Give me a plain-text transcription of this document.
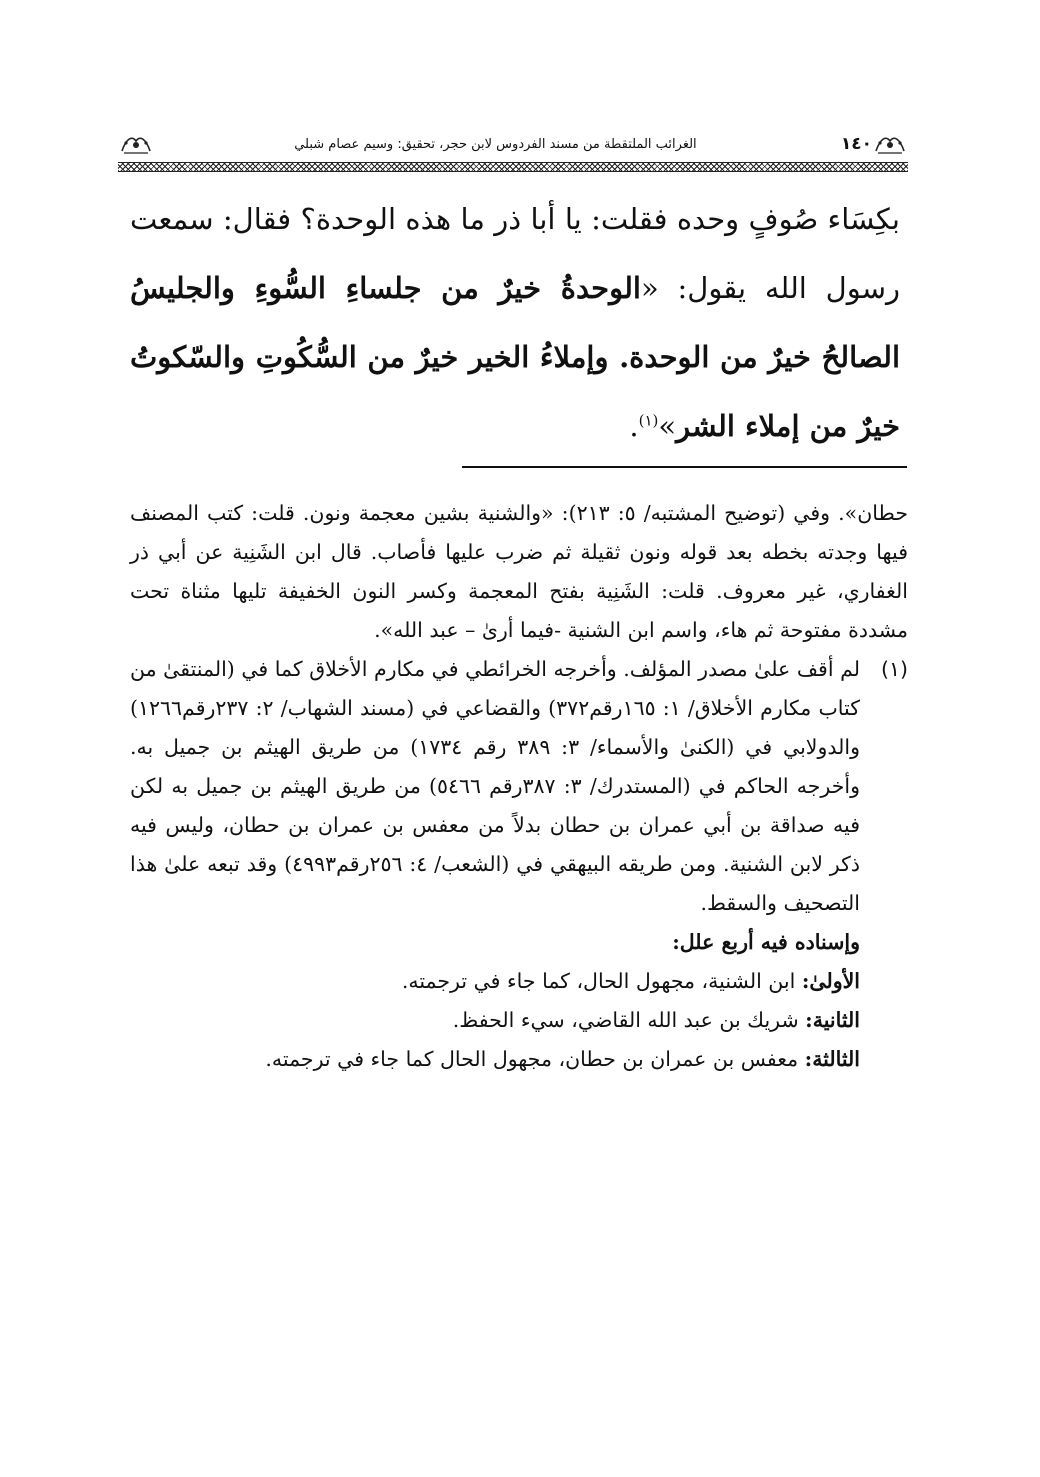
١٤٠
الغرائب الملتقطة من مسند الفردوس لابن حجر، تحقيق: وسيم عصام شبلي
بكِسَاء صُوفٍ وحده فقلت: يا أبا ذر ما هذه الوحدة؟ فقال: سمعت رسول الله يقول: «الوحدةُ خيرٌ من جلساءِ السُّوءِ والجليسُ الصالحُ خيرٌ من الوحدة. وإملاءُ الخير خيرٌ من السُّكُوتِ والسّكوتُ خيرٌ من إملاء الشر»$^{(١)}$.

حطان». وفي (توضيح المشتبه/ ٥: ٢١٣): «والشنية بشين معجمة ونون. قلت: كتب المصنف فيها وجدته بخطه بعد قوله ونون ثقيلة ثم ضرب عليها فأصاب. قال ابن الشَنِية عن أبي ذر الغفاري، غير معروف. قلت: الشَنِية بفتح المعجمة وكسر النون الخفيفة تليها مثناة تحت مشددة مفتوحة ثم هاء، واسم ابن الشنية -فيما أرىٰ – عبد الله».

(١)
لم أقف علىٰ مصدر المؤلف. وأخرجه الخرائطي في مكارم الأخلاق كما في (المنتقىٰ من كتاب مكارم الأخلاق/ ١: ١٦٥رقم٣٧٢) والقضاعي في (مسند الشهاب/ ٢: ٢٣٧رقم١٢٦٦) والدولابي في (الكنىٰ والأسماء/ ٣: ٣٨٩ رقم ١٧٣٤) من طريق الهيثم بن جميل به. وأخرجه الحاكم في (المستدرك/ ٣: ٣٨٧رقم ٥٤٦٦) من طريق الهيثم بن جميل به لكن فيه صداقة بن أبي عمران بن حطان بدلاً من معفس بن عمران بن حطان، وليس فيه ذكر لابن الشنية. ومن طريقه البيهقي في (الشعب/ ٤: ٢٥٦رقم٤٩٩٣) وقد تبعه علىٰ هذا التصحيف والسقط.

وإسناده فيه أربع علل:

الأولىٰ: ابن الشنية، مجهول الحال، كما جاء في ترجمته.

الثانية: شريك بن عبد الله القاضي، سيء الحفظ.

الثالثة: معفس بن عمران بن حطان، مجهول الحال كما جاء في ترجمته.
